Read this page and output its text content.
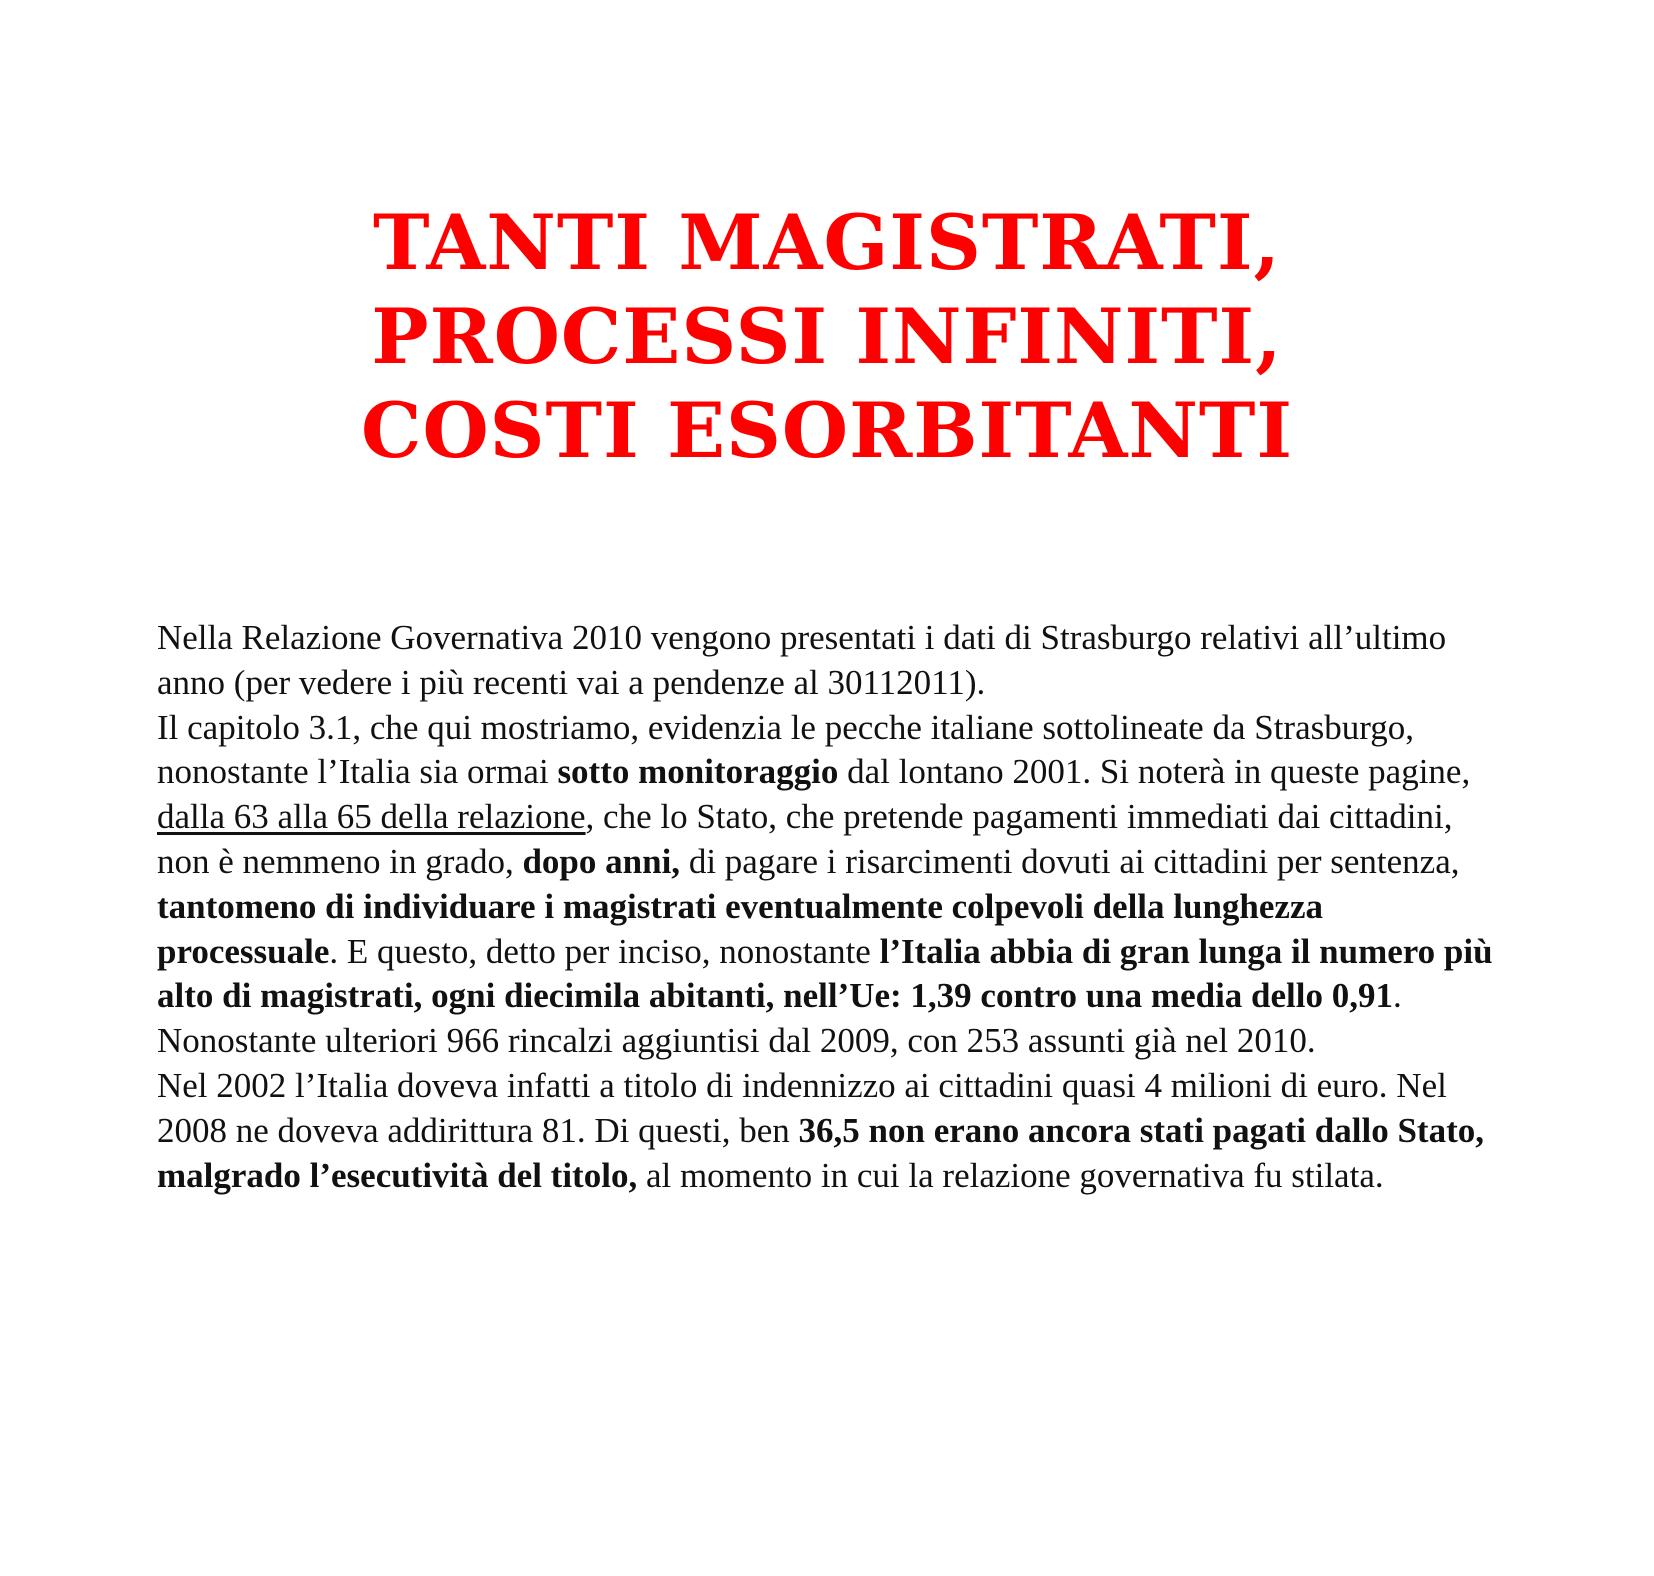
TANTI MAGISTRATI,
PROCESSI INFINITI,
COSTI ESORBITANTI

Nella Relazione Governativa 2010 vengono presentati i dati di Strasburgo relativi all’ultimo anno (per vedere i più recenti vai a pendenze al 30112011).

Il capitolo 3.1, che qui mostriamo, evidenzia le pecche italiane sottolineate da Strasburgo, nonostante l’Italia sia ormai sotto monitoraggio dal lontano 2001. Si noterà in queste pagine, dalla 63 alla 65 della relazione, che lo Stato, che pretende pagamenti immediati dai cittadini, non è nemmeno in grado, dopo anni, di pagare i risarcimenti dovuti ai cittadini per sentenza, tantomeno di individuare i magistrati eventualmente colpevoli della lunghezza processuale. E questo, detto per inciso, nonostante l’Italia abbia di gran lunga il numero più alto di magistrati, ogni diecimila abitanti, nell’Ue: 1,39 contro una media dello 0,91.

Nonostante ulteriori 966 rincalzi aggiuntisi dal 2009, con 253 assunti già nel 2010.

Nel 2002 l’Italia doveva infatti a titolo di indennizzo ai cittadini quasi 4 milioni di euro. Nel 2008 ne doveva addirittura 81. Di questi, ben 36,5 non erano ancora stati pagati dallo Stato, malgrado l’esecutività del titolo, al momento in cui la relazione governativa fu stilata.
